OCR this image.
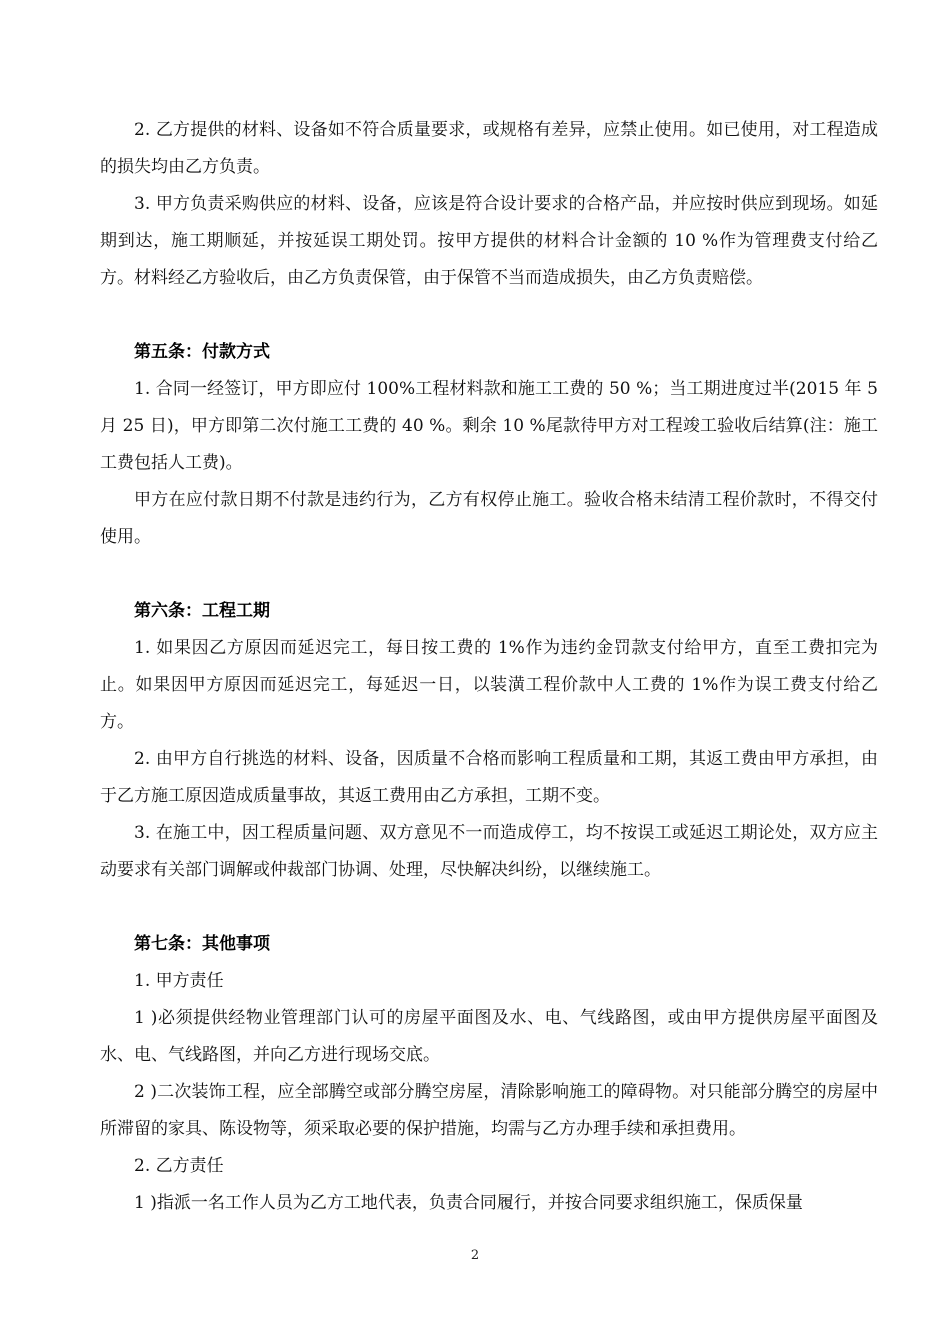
2. 乙方提供的材料、设备如不符合质量要求，或规格有差异，应禁止使用。如已使用，对工程造成的损失均由乙方负责。

3. 甲方负责采购供应的材料、设备，应该是符合设计要求的合格产品，并应按时供应到现场。如延期到达，施工期顺延，并按延误工期处罚。按甲方提供的材料合计金额的 10 %作为管理费支付给乙方。材料经乙方验收后，由乙方负责保管，由于保管不当而造成损失，由乙方负责赔偿。

第五条：付款方式

1. 合同一经签订，甲方即应付 100%工程材料款和施工工费的 50 %；当工期进度过半(2015 年 5 月 25 日)，甲方即第二次付施工工费的 40 %。剩余 10 %尾款待甲方对工程竣工验收后结算(注：施工工费包括人工费)。

甲方在应付款日期不付款是违约行为，乙方有权停止施工。验收合格未结清工程价款时，不得交付使用。

第六条：工程工期

1. 如果因乙方原因而延迟完工，每日按工费的 1%作为违约金罚款支付给甲方，直至工费扣完为止。如果因甲方原因而延迟完工，每延迟一日，以装潢工程价款中人工费的 1%作为误工费支付给乙方。

2. 由甲方自行挑选的材料、设备，因质量不合格而影响工程质量和工期，其返工费由甲方承担，由于乙方施工原因造成质量事故，其返工费用由乙方承担，工期不变。

3. 在施工中，因工程质量问题、双方意见不一而造成停工，均不按误工或延迟工期论处，双方应主动要求有关部门调解或仲裁部门协调、处理，尽快解决纠纷，以继续施工。

第七条：其他事项

1. 甲方责任

1 )必须提供经物业管理部门认可的房屋平面图及水、电、气线路图，或由甲方提供房屋平面图及水、电、气线路图，并向乙方进行现场交底。

2 )二次装饰工程，应全部腾空或部分腾空房屋，清除影响施工的障碍物。对只能部分腾空的房屋中所滞留的家具、陈设物等，须采取必要的保护措施，均需与乙方办理手续和承担费用。

2. 乙方责任

1 )指派一名工作人员为乙方工地代表，负责合同履行，并按合同要求组织施工，保质保量

2
